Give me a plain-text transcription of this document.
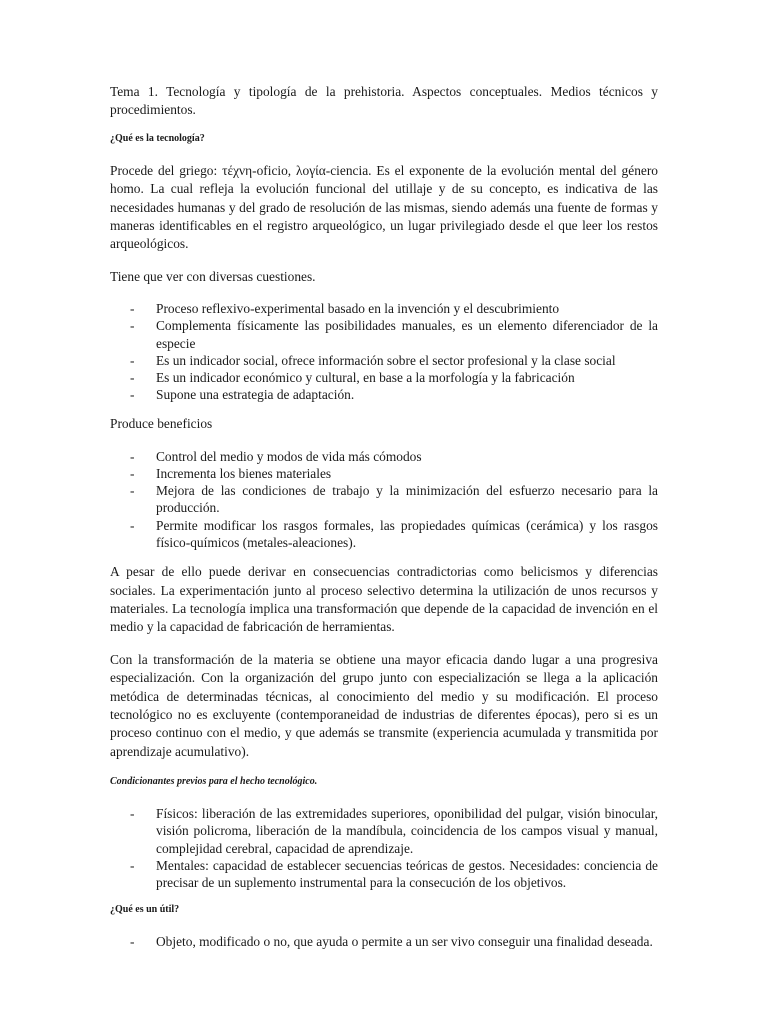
Tema 1. Tecnología y tipología de la prehistoria. Aspectos conceptuales. Medios técnicos y procedimientos.

¿Qué es la tecnología?

Procede del griego: τέχνη-oficio, λογία-ciencia. Es el exponente de la evolución mental del género homo. La cual refleja la evolución funcional del utillaje y de su concepto, es indicativa de las necesidades humanas y del grado de resolución de las mismas, siendo además una fuente de formas y maneras identificables en el registro arqueológico, un lugar privilegiado desde el que leer los restos arqueológicos.

Tiene que ver con diversas cuestiones.

- Proceso reflexivo-experimental basado en la invención y el descubrimiento
- Complementa físicamente las posibilidades manuales, es un elemento diferenciador de la especie
- Es un indicador social, ofrece información sobre el sector profesional y la clase social
- Es un indicador económico y cultural, en base a la morfología y la fabricación
- Supone una estrategia de adaptación.

Produce beneficios

- Control del medio y modos de vida más cómodos
- Incrementa los bienes materiales
- Mejora de las condiciones de trabajo y la minimización del esfuerzo necesario para la producción.
- Permite modificar los rasgos formales, las propiedades químicas (cerámica) y los rasgos físico-químicos (metales-aleaciones).

A pesar de ello puede derivar en consecuencias contradictorias como belicismos y diferencias sociales. La experimentación junto al proceso selectivo determina la utilización de unos recursos y materiales. La tecnología implica una transformación que depende de la capacidad de invención en el medio y la capacidad de fabricación de herramientas.

Con la transformación de la materia se obtiene una mayor eficacia dando lugar a una progresiva especialización. Con la organización del grupo junto con especialización se llega a la aplicación metódica de determinadas técnicas, al conocimiento del medio y su modificación. El proceso tecnológico no es excluyente (contemporaneidad de industrias de diferentes épocas), pero si es un proceso continuo con el medio, y que además se transmite (experiencia acumulada y transmitida por aprendizaje acumulativo).

Condicionantes previos para el hecho tecnológico.

- Físicos: liberación de las extremidades superiores, oponibilidad del pulgar, visión binocular, visión policroma, liberación de la mandíbula, coincidencia de los campos visual y manual, complejidad cerebral, capacidad de aprendizaje.
- Mentales: capacidad de establecer secuencias teóricas de gestos. Necesidades: conciencia de precisar de un suplemento instrumental para la consecución de los objetivos.

¿Qué es un útil?

- Objeto, modificado o no, que ayuda o permite a un ser vivo conseguir una finalidad deseada.
